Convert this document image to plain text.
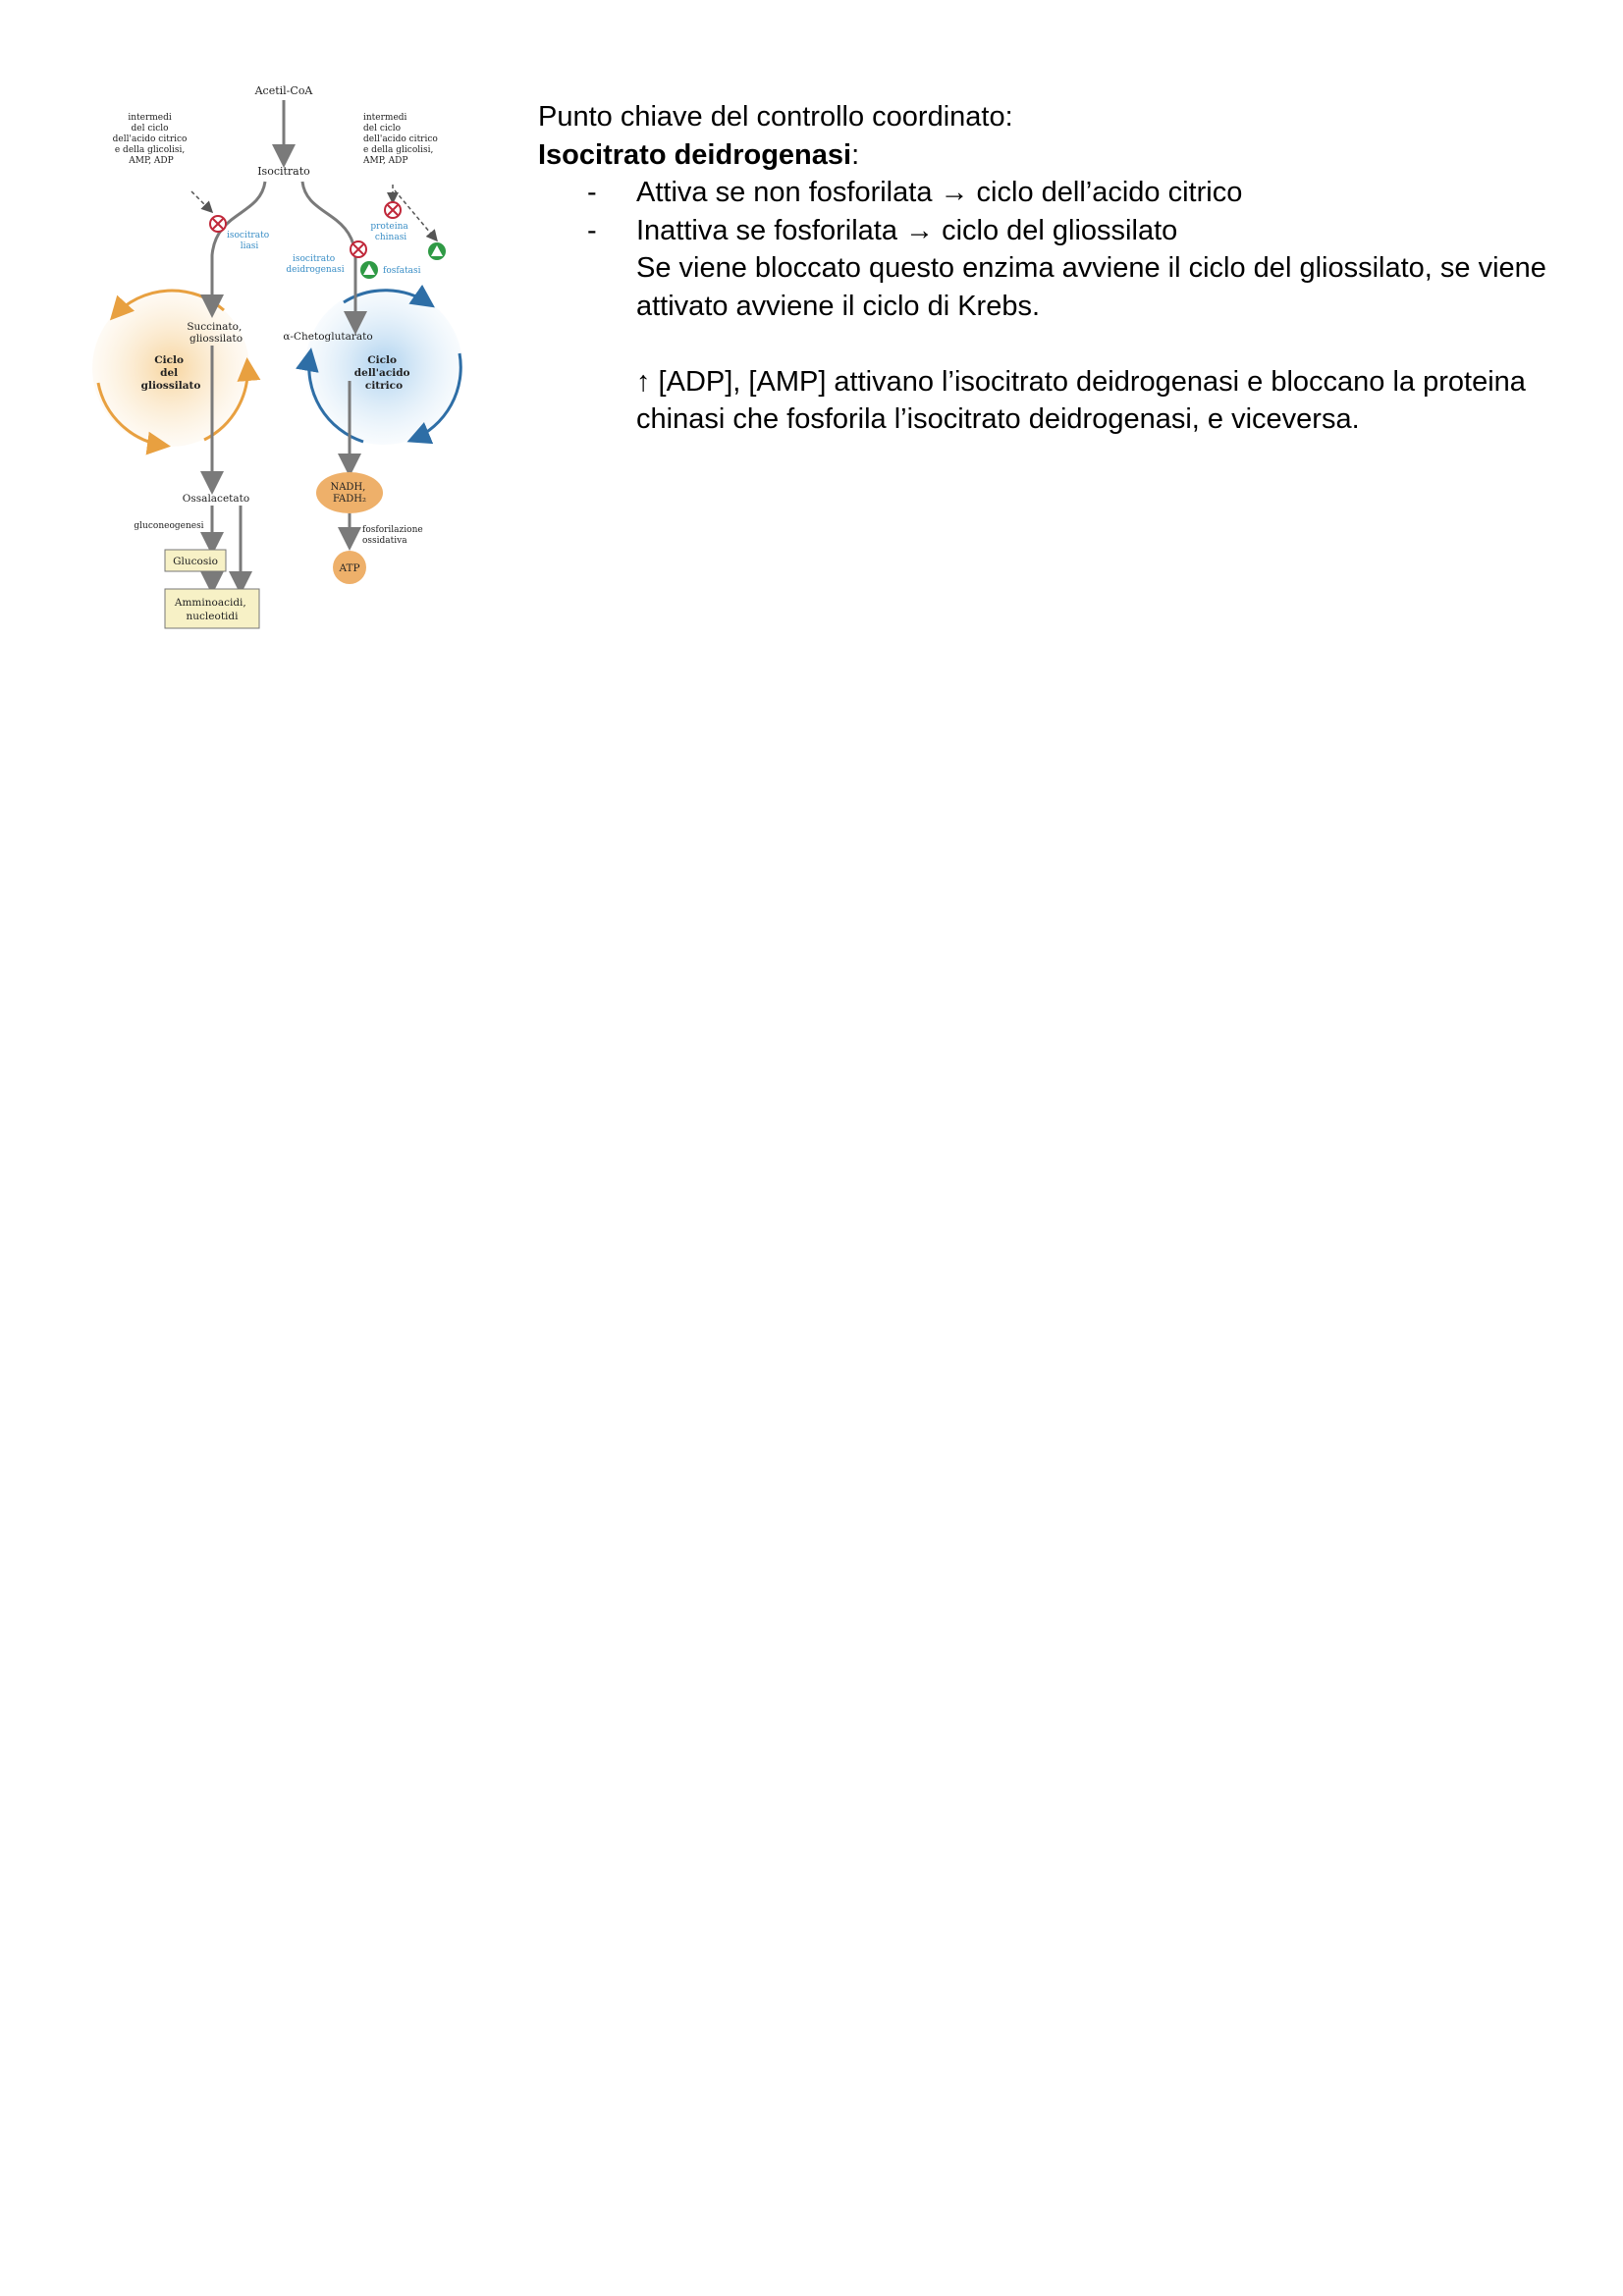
Acetil-CoA
intermedi del ciclo dell'acido citrico e della glicolisi, AMP, ADP
intermedi del ciclo dell'acido citrico e della glicolisi, AMP, ADP
Isocitrato
isocitrato liasi
proteina chinasi
isocitrato deidrogenasi	fosfatasi
Succinato, gliossilato	α-Chetoglutarato
Ciclo del gliossilato
Ciclo dell'acido citrico
Ossalacetato
gluconeogenesi
Glucosio
Amminoacidi, nucleotidi
NADH, FADH₂
fosforilazione ossidativa
ATP

Punto chiave del controllo coordinato:

Isocitrato deidrogenasi:

- Attiva se non fosforilata → ciclo dell’acido citrico

- Inattiva se fosforilata → ciclo del gliossilato

Se viene bloccato questo enzima avviene il ciclo del gliossilato, se viene attivato avviene il ciclo di Krebs.

↑ [ADP], [AMP] attivano l’isocitrato deidrogenasi e bloccano la proteina chinasi che fosforila l’isocitrato deidrogenasi, e viceversa.
